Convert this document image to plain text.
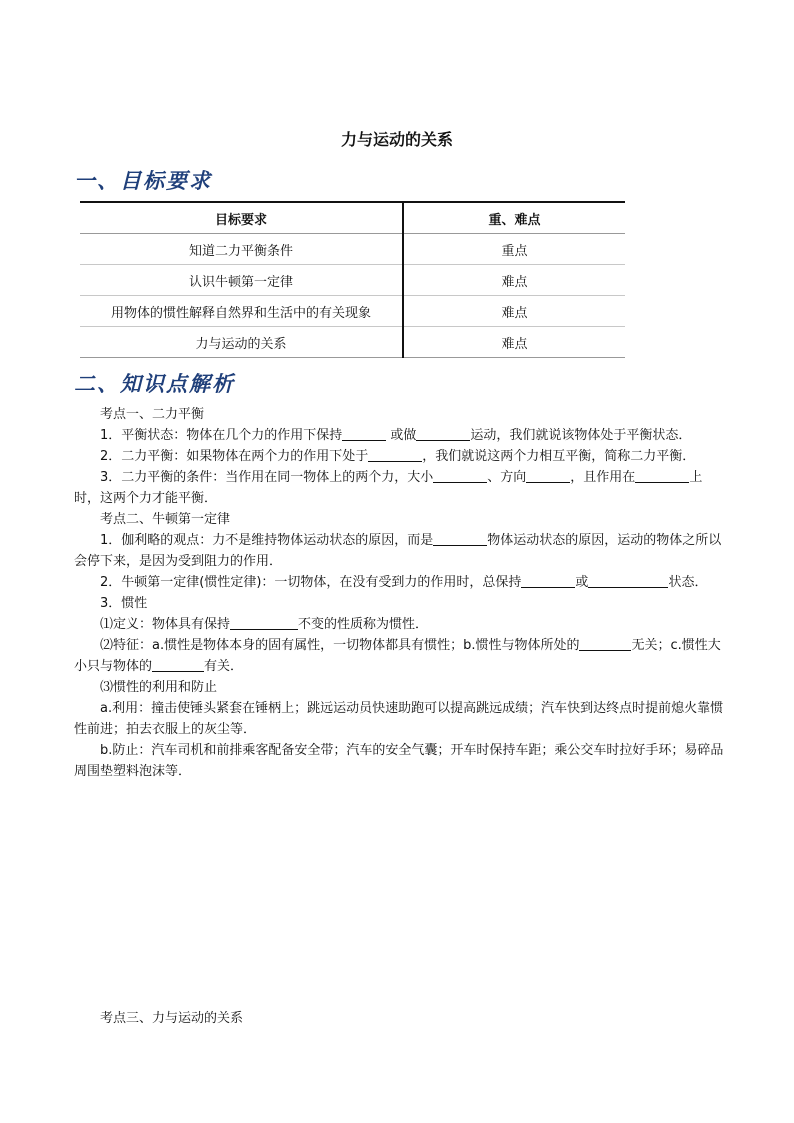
力与运动的关系
一、目标要求
目标要求	重、难点
知道二力平衡条件	重点
认识牛顿第一定律	难点
用物体的惯性解释自然界和生活中的有关现象	难点
力与运动的关系	难点
二、知识点解析

考点一、二力平衡

1．平衡状态：物体在几个力的作用下保持	或做	运动，我们就说该物体处于平衡状态．

2．二力平衡：如果物体在两个力的作用下处于	，我们就说这两个力相互平衡，简称二力平衡．

3．二力平衡的条件：当作用在同一物体上的两个力，大小	、方向	，且作用在	上时，这两个力才能平衡．

考点二、牛顿第一定律

1．伽利略的观点：力不是维持物体运动状态的原因，而是	物体运动状态的原因，运动的物体之所以会停下来，是因为受到阻力的作用．

2．牛顿第一定律(惯性定律)：一切物体，在没有受到力的作用时，总保持	或	状态．

3．惯性

⑴定义：物体具有保持	不变的性质称为惯性．

⑵特征：a.惯性是物体本身的固有属性，一切物体都具有惯性；b.惯性与物体所处的	无关；c.惯性大小只与物体的	有关．

⑶惯性的利用和防止

a.利用：撞击使锤头紧套在锤柄上；跳远运动员快速助跑可以提高跳远成绩；汽车快到达终点时提前熄火靠惯性前进；拍去衣服上的灰尘等．

b.防止：汽车司机和前排乘客配备安全带；汽车的安全气囊；开车时保持车距；乘公交车时拉好手环；易碎品周围垫塑料泡沫等．

考点三、力与运动的关系
